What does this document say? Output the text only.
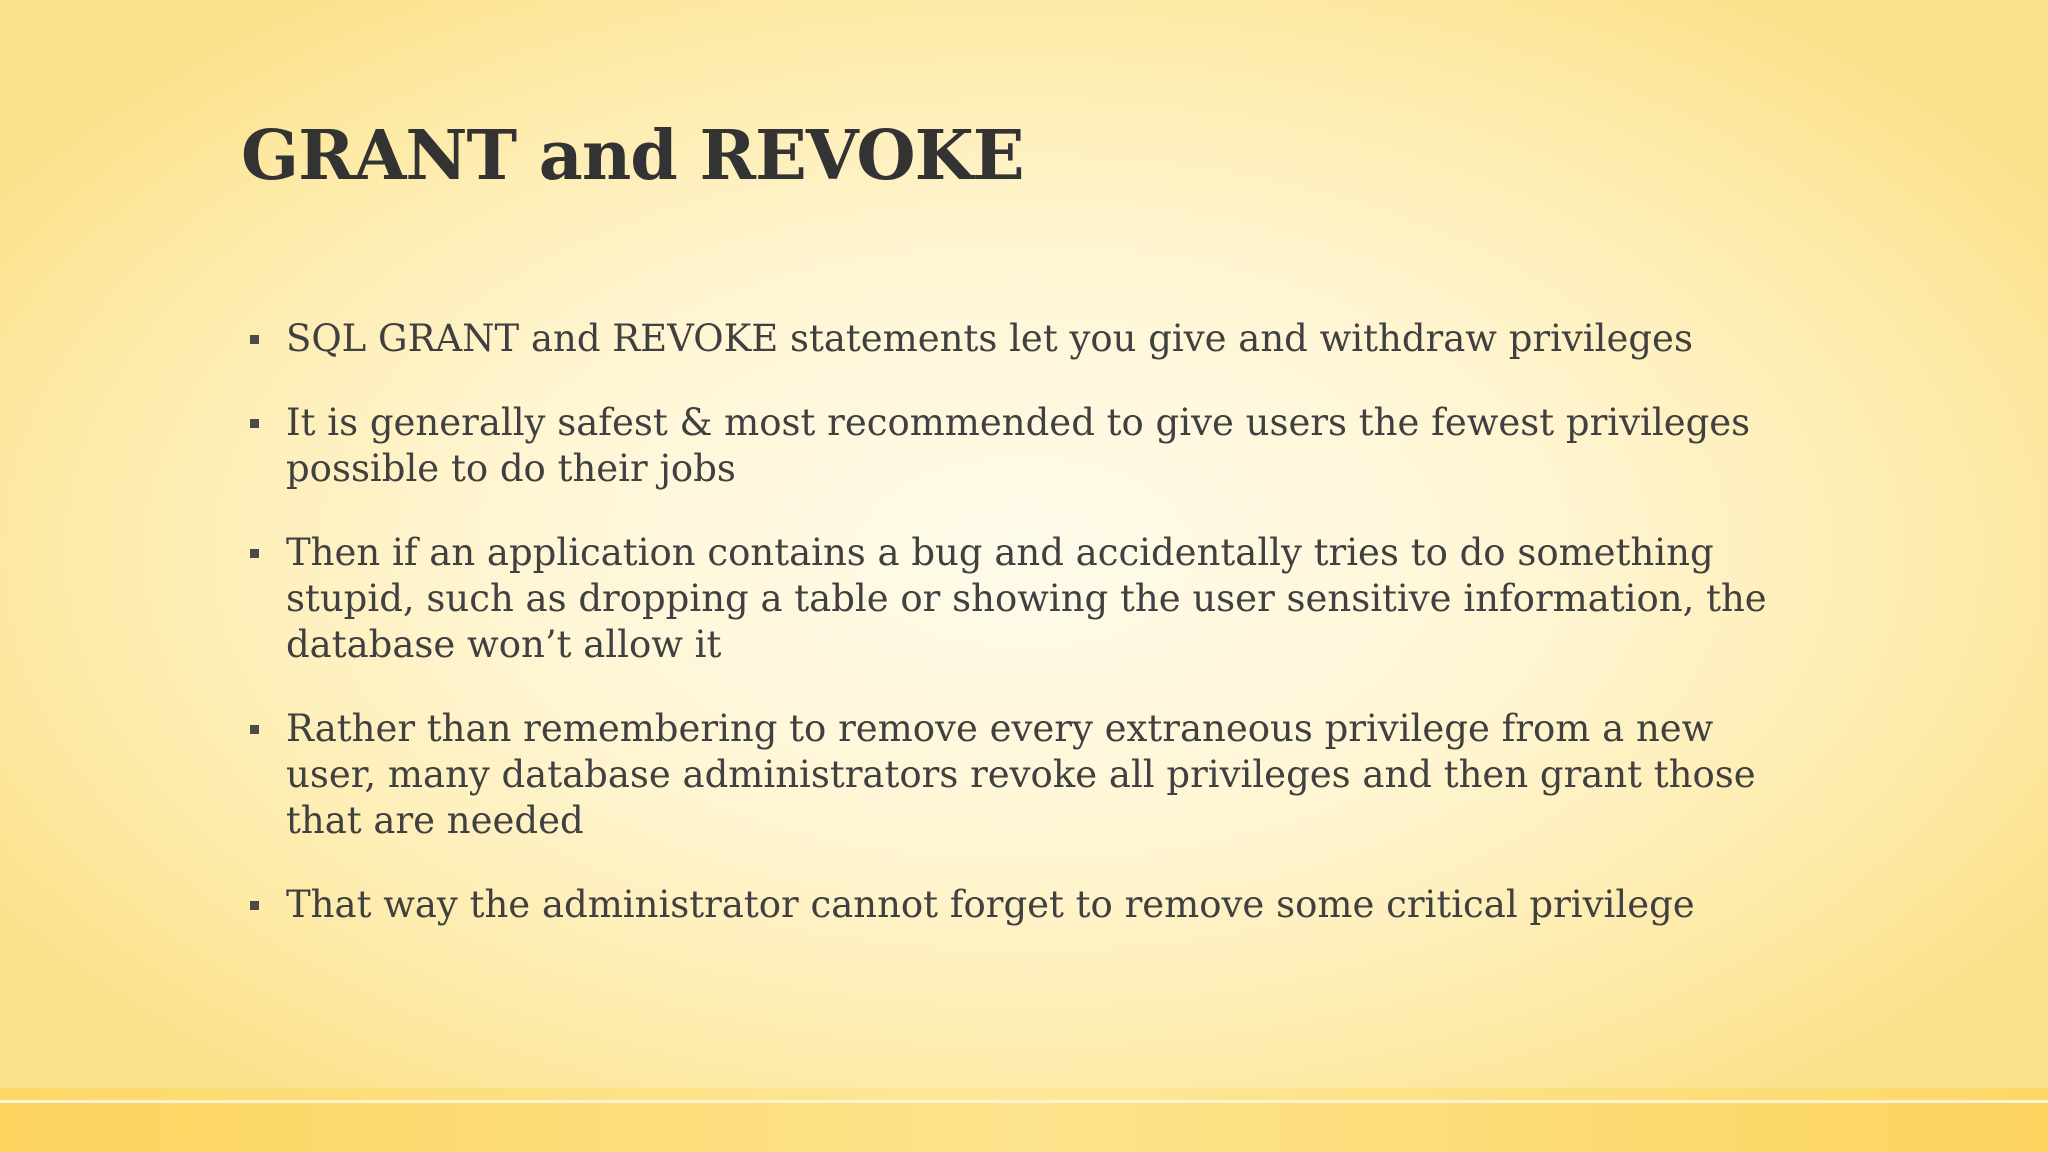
GRANT and REVOKE
SQL GRANT and REVOKE statements let you give and withdraw privileges
It is generally safest & most recommended to give users the fewest privileges possible to do their jobs
Then if an application contains a bug and accidentally tries to do something stupid, such as dropping a table or showing the user sensitive information, the database won’t allow it
Rather than remembering to remove every extraneous privilege from a new user, many database administrators revoke all privileges and then grant those that are needed
That way the administrator cannot forget to remove some critical privilege
